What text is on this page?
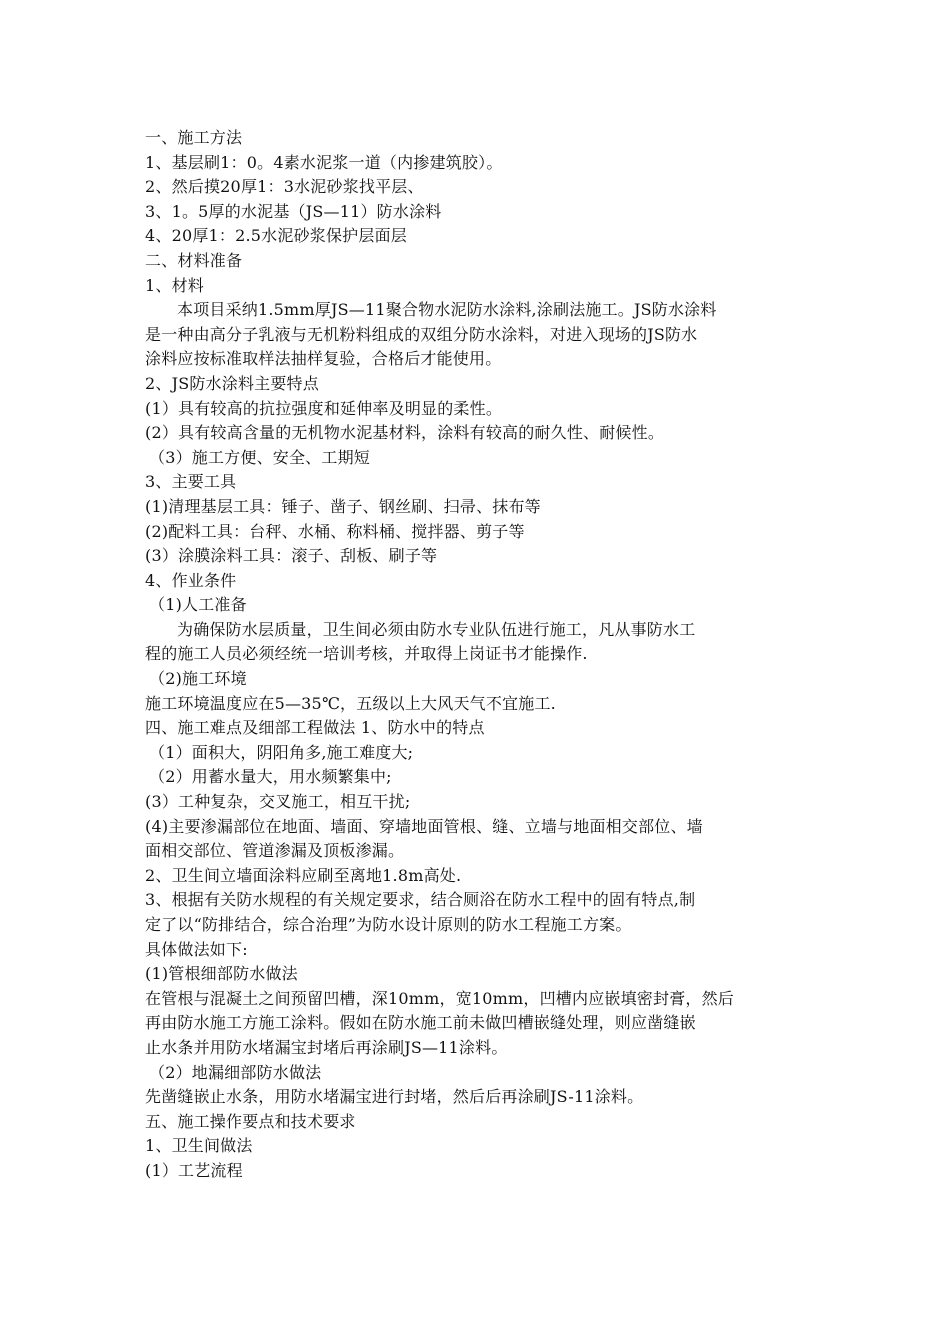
一、施工方法
1、基层刷1：0。4素水泥浆一道（内掺建筑胶）。
2、然后摸20厚1：3水泥砂浆找平层、
3、1。5厚的水泥基（JS—11）防水涂料
4、20厚1：2.5水泥砂浆保护层面层
二、材料准备
1、材料
本项目采纳1.5mm厚JS—11聚合物水泥防水涂料,涂刷法施工。JS防水涂料
是一种由高分子乳液与无机粉料组成的双组分防水涂料，对进入现场的JS防水
涂料应按标准取样法抽样复验，合格后才能使用。
2、JS防水涂料主要特点
(1）具有较高的抗拉强度和延伸率及明显的柔性。
(2）具有较高含量的无机物水泥基材料，涂料有较高的耐久性、耐候性。
（3）施工方便、安全、工期短
3、主要工具
(1)清理基层工具：锤子、凿子、钢丝刷、扫帚、抹布等
(2)配料工具：台秤、水桶、称料桶、搅拌器、剪子等
(3）涂膜涂料工具：滚子、刮板、刷子等
4、作业条件
（1)人工准备
为确保防水层质量，卫生间必须由防水专业队伍进行施工，凡从事防水工
程的施工人员必须经统一培训考核，并取得上岗证书才能操作.
（2)施工环境
施工环境温度应在5—35℃，五级以上大风天气不宜施工.
四、施工难点及细部工程做法 1、防水中的特点
（1）面积大，阴阳角多,施工难度大;
（2）用蓄水量大，用水频繁集中;
(3）工种复杂，交叉施工，相互干扰;
(4)主要渗漏部位在地面、墙面、穿墙地面管根、缝、立墙与地面相交部位、墙
面相交部位、管道渗漏及顶板渗漏。
2、卫生间立墙面涂料应刷至离地1.8m高处.
3、根据有关防水规程的有关规定要求，结合厕浴在防水工程中的固有特点,制
定了以“防排结合，综合治理”为防水设计原则的防水工程施工方案。
具体做法如下:
(1)管根细部防水做法
在管根与混凝土之间预留凹槽，深10mm，宽10mm，凹槽内应嵌填密封膏，然后
再由防水施工方施工涂料。假如在防水施工前未做凹槽嵌缝处理，则应凿缝嵌
止水条并用防水堵漏宝封堵后再涂刷JS—11涂料。
（2）地漏细部防水做法
先凿缝嵌止水条，用防水堵漏宝进行封堵，然后后再涂刷JS-11涂料。
五、施工操作要点和技术要求
1、卫生间做法
(1）工艺流程
